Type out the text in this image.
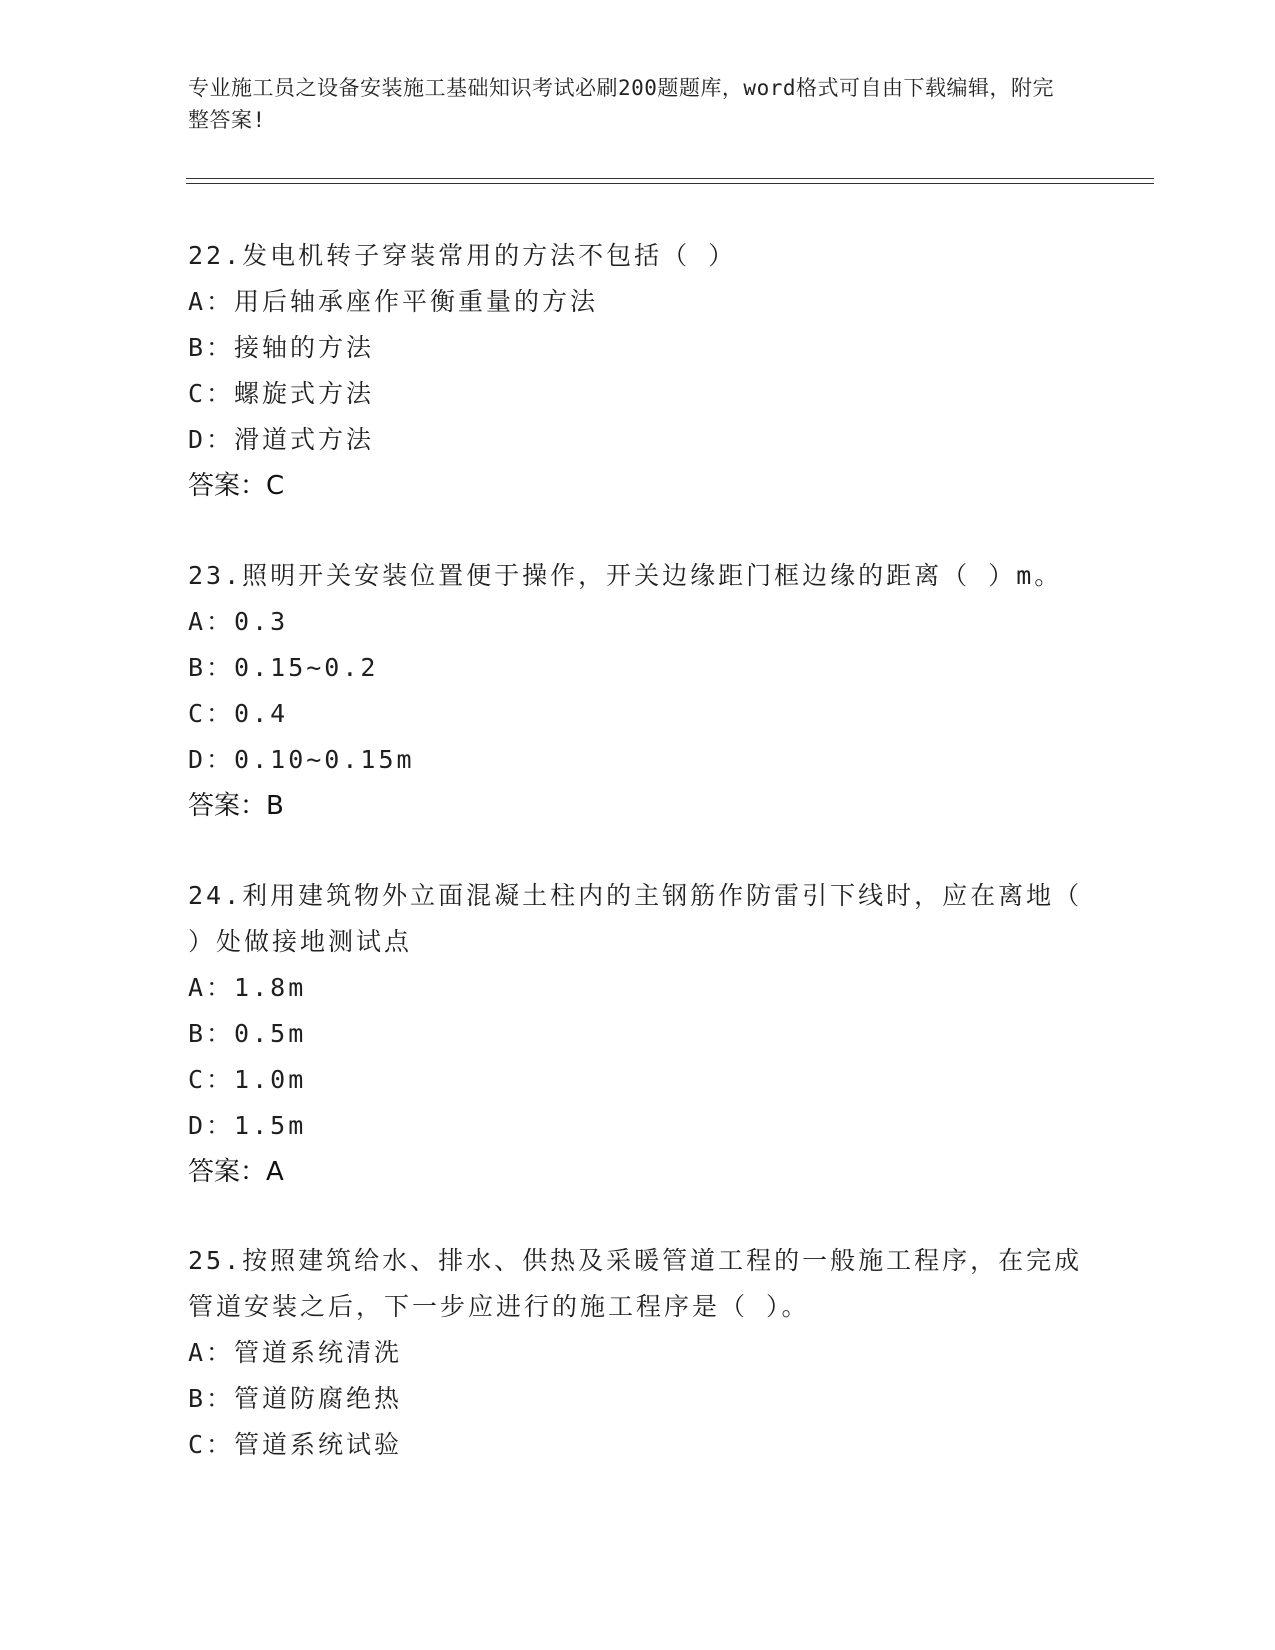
专业施工员之设备安装施工基础知识考试必刷200题题库，word格式可自由下载编辑，附完整答案!
22.发电机转子穿装常用的方法不包括（ ）
A：用后轴承座作平衡重量的方法
B：接轴的方法
C：螺旋式方法
D：滑道式方法
答案：C
23.照明开关安装位置便于操作，开关边缘距门框边缘的距离（ ）m。
A：0.3
B：0.15~0.2
C：0.4
D：0.10~0.15m
答案：B
24.利用建筑物外立面混凝土柱内的主钢筋作防雷引下线时，应在离地（ ）处做接地测试点
A：1.8m
B：0.5m
C：1.0m
D：1.5m
答案：A
25.按照建筑给水、排水、供热及采暖管道工程的一般施工程序，在完成管道安装之后，下一步应进行的施工程序是（ ）。
A：管道系统清洗
B：管道防腐绝热
C：管道系统试验
